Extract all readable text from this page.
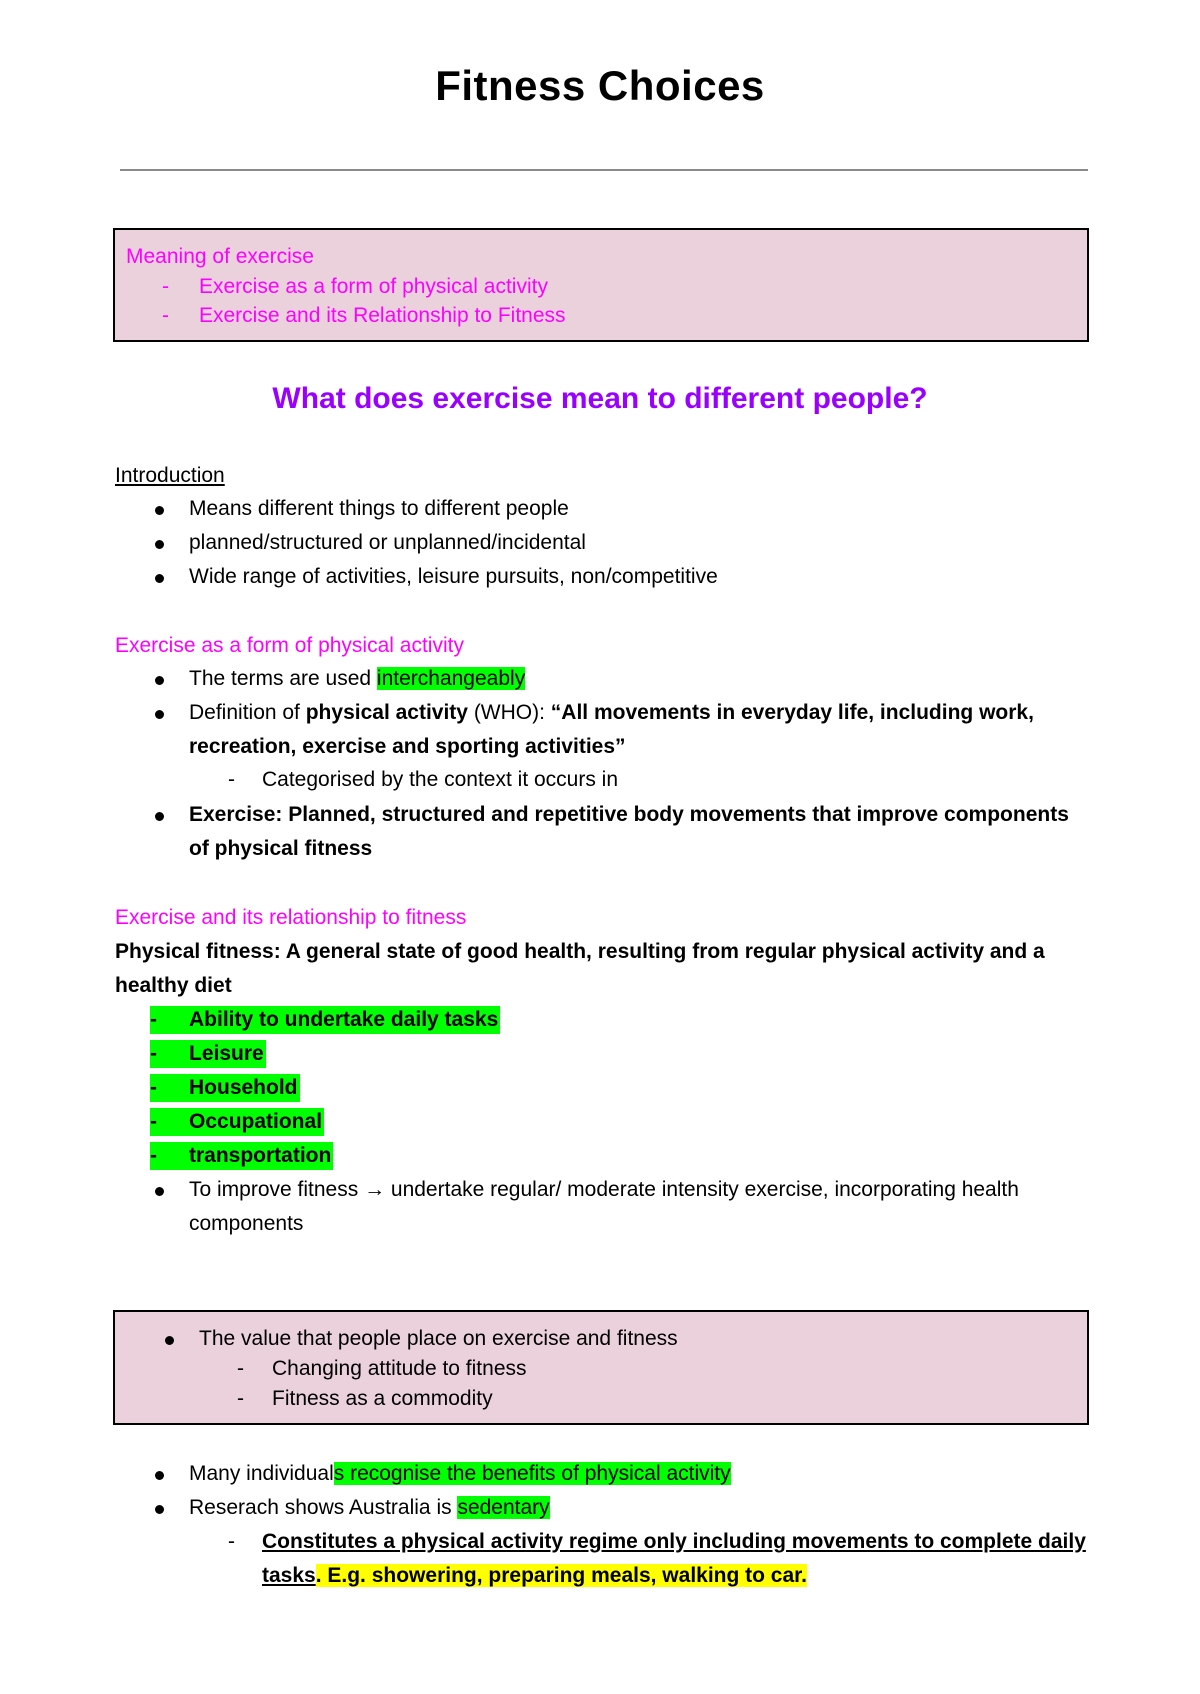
Fitness Choices
Meaning of exercise
- Exercise as a form of physical activity
- Exercise and its Relationship to Fitness
What does exercise mean to different people?
Introduction
Means different things to different people
planned/structured or unplanned/incidental
Wide range of activities, leisure pursuits, non/competitive
Exercise as a form of physical activity
The terms are used interchangeably
Definition of physical activity (WHO): “All movements in everyday life, including work,
recreation, exercise and sporting activities”
- Categorised by the context it occurs in
Exercise: Planned, structured and repetitive body movements that improve components
of physical fitness
Exercise and its relationship to fitness
Physical fitness: A general state of good health, resulting from regular physical activity and a
healthy diet
- Ability to undertake daily tasks
- Leisure
- Household
- Occupational
- transportation
To improve fitness → undertake regular/ moderate intensity exercise, incorporating health
components
The value that people place on exercise and fitness
- Changing attitude to fitness
- Fitness as a commodity
Many individuals recognise the benefits of physical activity
Reserach shows Australia is sedentary
- Constitutes a physical activity regime only including movements to complete daily
tasks. E.g. showering, preparing meals, walking to car.
